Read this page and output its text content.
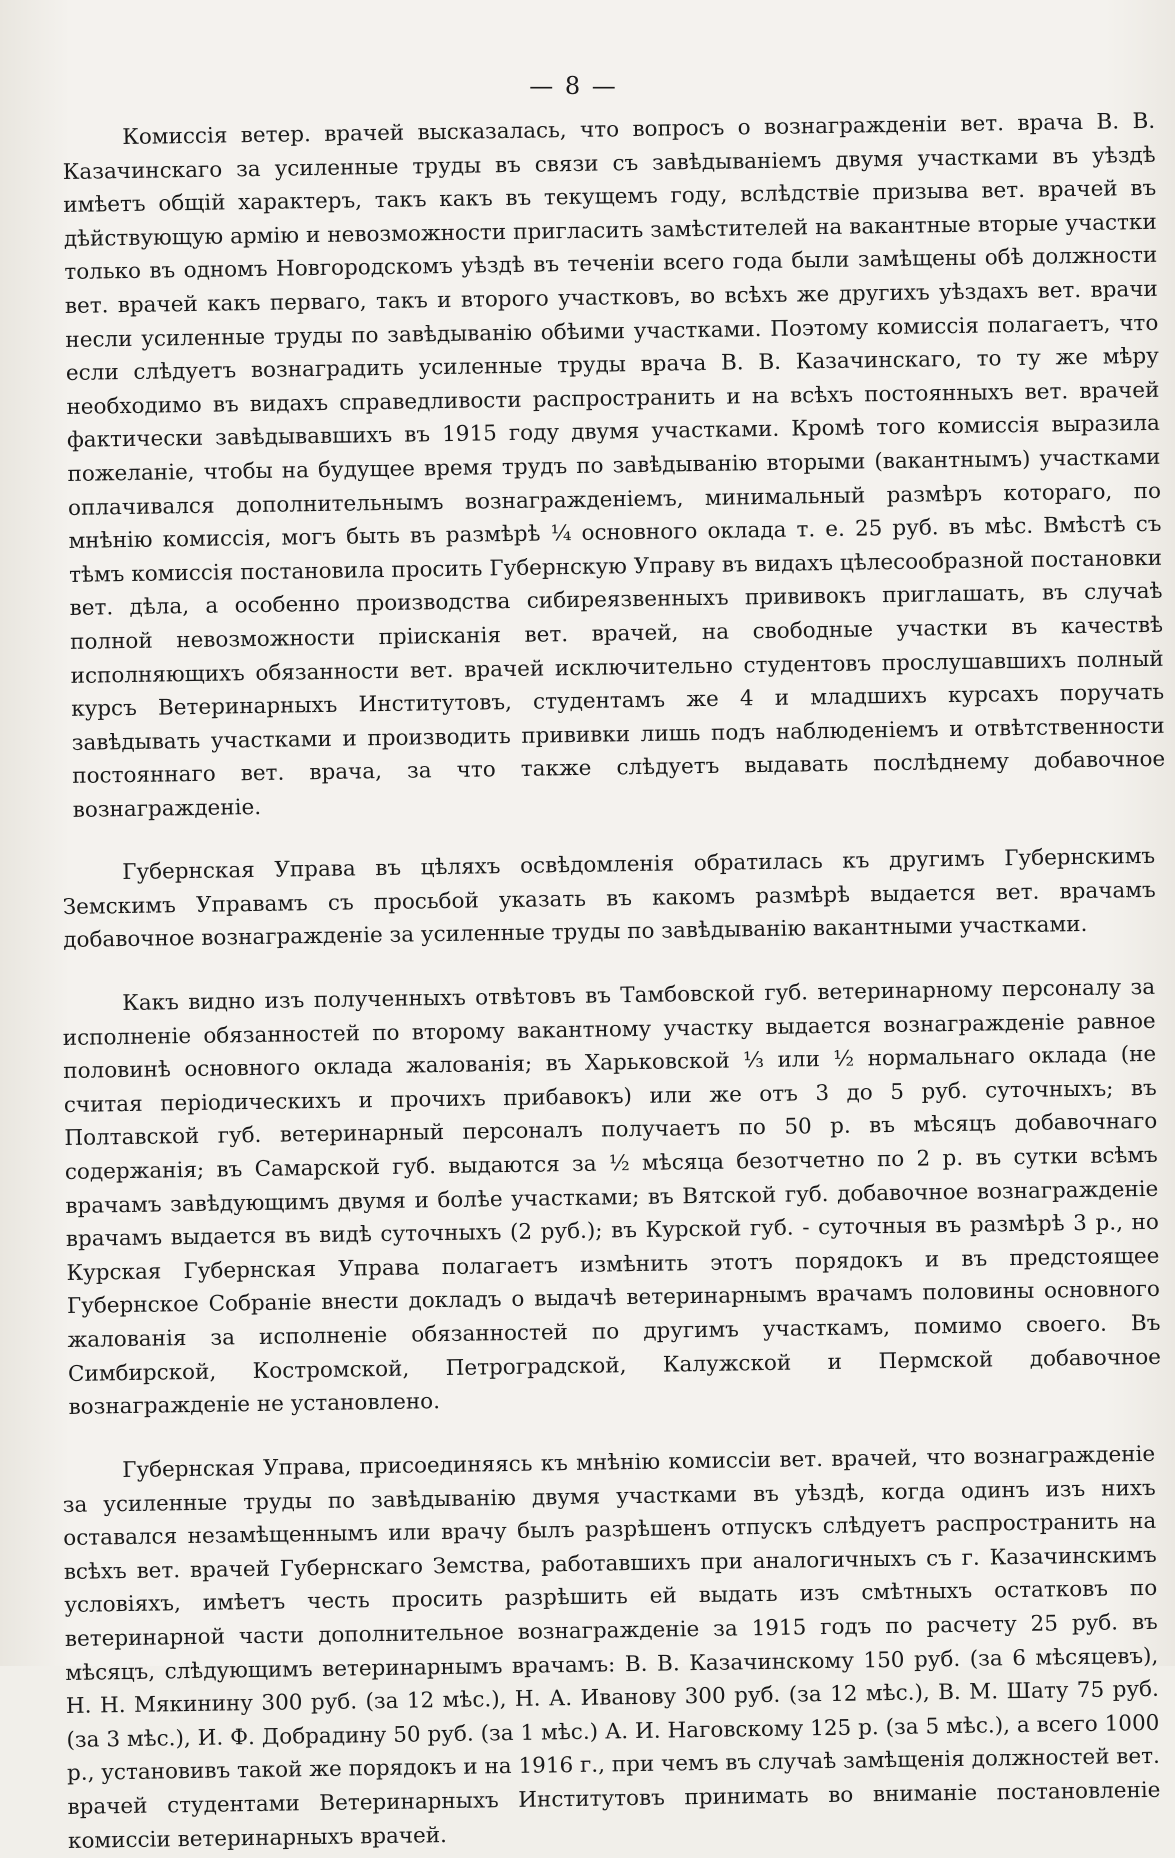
— 8 —

Комиссія ветер. врачей высказалась, что вопросъ о вознагражденіи вет. врача В. В. Казачинскаго за усиленные труды въ связи съ завѣдываніемъ двумя участками въ уѣздѣ имѣетъ общій характеръ, такъ какъ въ текущемъ году, вслѣдствіе призыва вет. врачей въ дѣйствующую армію и невозможности пригласить замѣстителей на вакантные вторые участки только въ одномъ Новгородскомъ уѣздѣ въ теченіи всего года были замѣщены обѣ должности вет. врачей какъ перваго, такъ и второго участковъ, во всѣхъ же другихъ уѣздахъ вет. врачи несли усиленные труды по завѣдыванію обѣими участками. Поэтому комиссія полагаетъ, что если слѣдуетъ вознаградить усиленные труды врача В. В. Казачинскаго, то ту же мѣру необходимо въ видахъ справедливости распространить и на всѣхъ постоянныхъ вет. врачей фактически завѣдывавшихъ въ 1915 году двумя участками. Кромѣ того комиссія выразила пожеланіе, чтобы на будущее время трудъ по завѣдыванію вторыми (вакантнымъ) участками оплачивался дополнительнымъ вознагражденіемъ, минимальный размѣръ котораго, по мнѣнію комиссія, могъ быть въ размѣрѣ ¼ основного оклада т. е. 25 руб. въ мѣс. Вмѣстѣ съ тѣмъ комиссія постановила просить Губернскую Управу въ видахъ цѣлесообразной постановки вет. дѣла, а особенно производства сибиреязвенныхъ прививокъ приглашать, въ случаѣ полной невозможности пріисканія вет. врачей, на свободные участки въ качествѣ исполняющихъ обязанности вет. врачей исключительно студентовъ прослушавшихъ полный курсъ Ветеринарныхъ Институтовъ, студентамъ же 4 и младшихъ курсахъ поручать завѣдывать участками и производить прививки лишь подъ наблюденіемъ и отвѣтственности постояннаго вет. врача, за что также слѣдуетъ выдавать послѣднему добавочное вознагражденіе.

Губернская Управа въ цѣляхъ освѣдомленія обратилась къ другимъ Губернскимъ Земскимъ Управамъ съ просьбой указать въ какомъ размѣрѣ выдается вет. врачамъ добавочное вознагражденіе за усиленные труды по завѣдыванію вакантными участками.

Какъ видно изъ полученныхъ отвѣтовъ въ Тамбовской губ. ветеринарному персоналу за исполненіе обязанностей по второму вакантному участку выдается вознагражденіе равное половинѣ основного оклада жалованія; въ Харьковской ⅓ или ½ нормальнаго оклада (не считая періодическихъ и прочихъ прибавокъ) или же отъ 3 до 5 руб. суточныхъ; въ Полтавской губ. ветеринарный персоналъ получаетъ по 50 р. въ мѣсяцъ добавочнаго содержанія; въ Самарской губ. выдаются за ½ мѣсяца безотчетно по 2 р. въ сутки всѣмъ врачамъ завѣдующимъ двумя и болѣе участками; въ Вятской губ. добавочное вознагражденіе врачамъ выдается въ видѣ суточныхъ (2 руб.); въ Курской губ. - суточныя въ размѣрѣ 3 р., но Курская Губернская Управа полагаетъ измѣнить этотъ порядокъ и въ предстоящее Губернское Собраніе внести докладъ о выдачѣ ветеринарнымъ врачамъ половины основного жалованія за исполненіе обязанностей по другимъ участкамъ, помимо своего. Въ Симбирской, Костромской, Петроградской, Калужской и Пермской добавочное вознагражденіе не установлено.

Губернская Управа, присоединяясь къ мнѣнію комиссіи вет. врачей, что вознагражденіе за усиленные труды по завѣдыванію двумя участками въ уѣздѣ, когда одинъ изъ нихъ оставался незамѣщеннымъ или врачу былъ разрѣшенъ отпускъ слѣдуетъ распространить на всѣхъ вет. врачей Губернскаго Земства, работавшихъ при аналогичныхъ съ г. Казачинскимъ условіяхъ, имѣетъ честь просить разрѣшить ей выдать изъ смѣтныхъ остатковъ по ветеринарной части дополнительное вознагражденіе за 1915 годъ по расчету 25 руб. въ мѣсяцъ, слѣдующимъ ветеринарнымъ врачамъ: В. В. Казачинскому 150 руб. (за 6 мѣсяцевъ), Н. Н. Мякинину 300 руб. (за 12 мѣс.), Н. А. Иванову 300 руб. (за 12 мѣс.), В. М. Шату 75 руб. (за 3 мѣс.), И. Ф. Добрадину 50 руб. (за 1 мѣс.) А. И. Наговскому 125 р. (за 5 мѣс.), а всего 1000 р., установивъ такой же порядокъ и на 1916 г., при чемъ въ случаѣ замѣщенія должностей вет. врачей студентами Ветеринарныхъ Институтовъ принимать во вниманіе постановленіе комиссіи ветеринарныхъ врачей.
